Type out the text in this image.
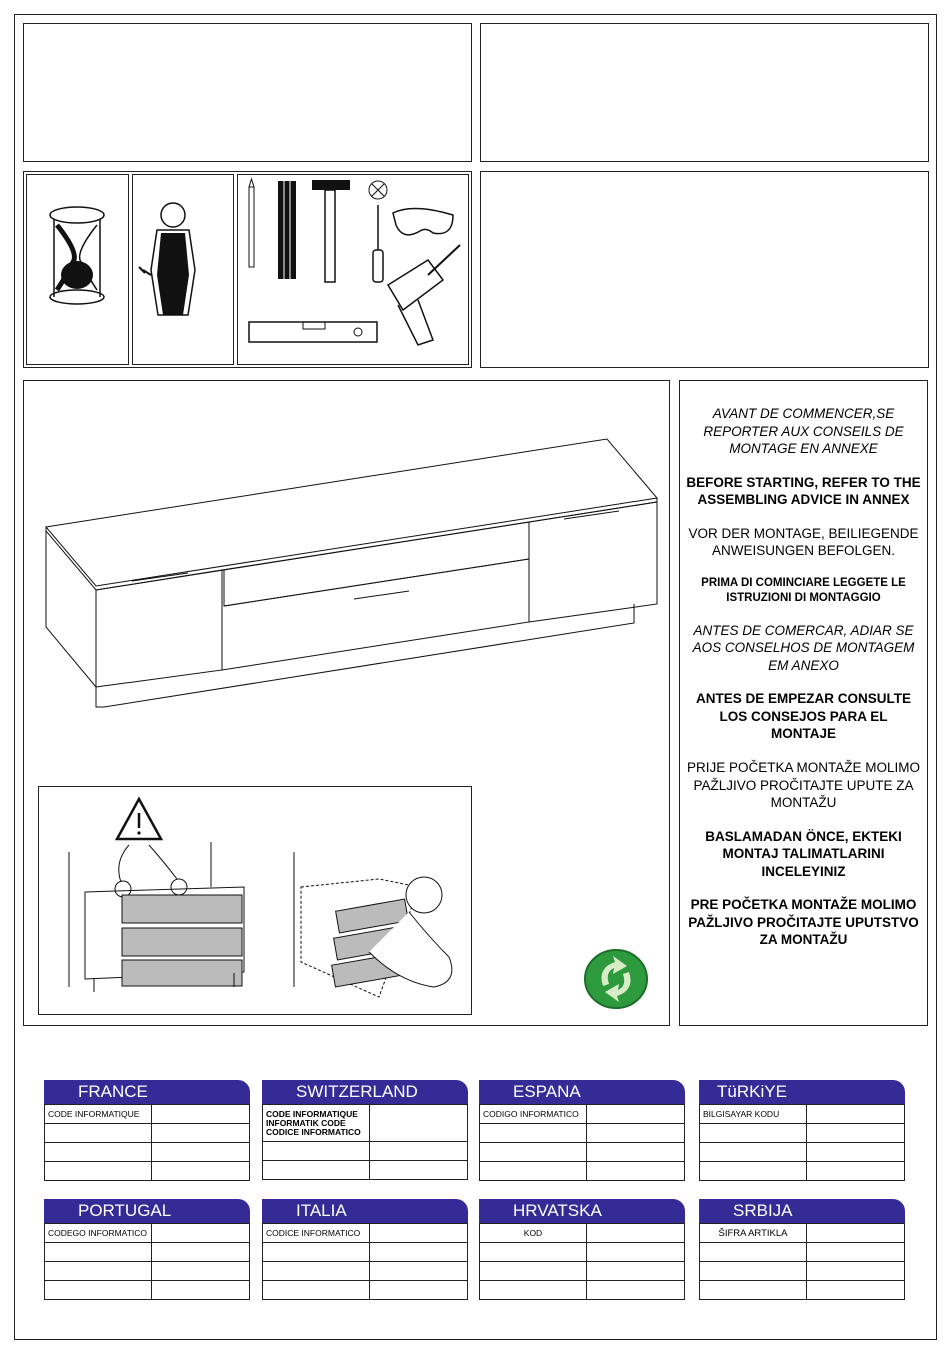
AVANT DE COMMENCER,SE REPORTER AUX CONSEILS DE MONTAGE EN ANNEXE

BEFORE STARTING, REFER TO THE ASSEMBLING ADVICE IN ANNEX

VOR DER MONTAGE, BEILIEGENDE ANWEISUNGEN BEFOLGEN.

PRIMA DI COMINCIARE LEGGETE LE ISTRUZIONI DI MONTAGGIO

ANTES DE COMERCAR, ADIAR SE AOS CONSELHOS DE MONTAGEM EM ANEXO

ANTES DE EMPEZAR CONSULTE LOS CONSEJOS PARA EL MONTAJE

PRIJE POČETKA MONTAŽE MOLIMO PAŽLJIVO PROČITAJTE UPUTE ZA MONTAŽU

BASLAMADAN ÖNCE, EKTEKI MONTAJ TALIMATLARINI INCELEYINIZ

PRE POČETKA MONTAŽE MOLIMO PAŽLJIVO PROČITAJTE UPUTSTVO ZA MONTAŽU

FRANCE
CODE INFORMATIQUE	

SWITZERLAND
CODE INFORMATIQUE
INFORMATIK CODE
CODICE INFORMATICO	

ESPANA
CODIGO INFORMATICO	

TüRKiYE
BILGISAYAR KODU	

PORTUGAL
CODEGO INFORMATICO	

ITALIA
CODICE INFORMATICO	

HRVATSKA
KOD	

SRBIJA
ŠIFRA ARTIKLA	
